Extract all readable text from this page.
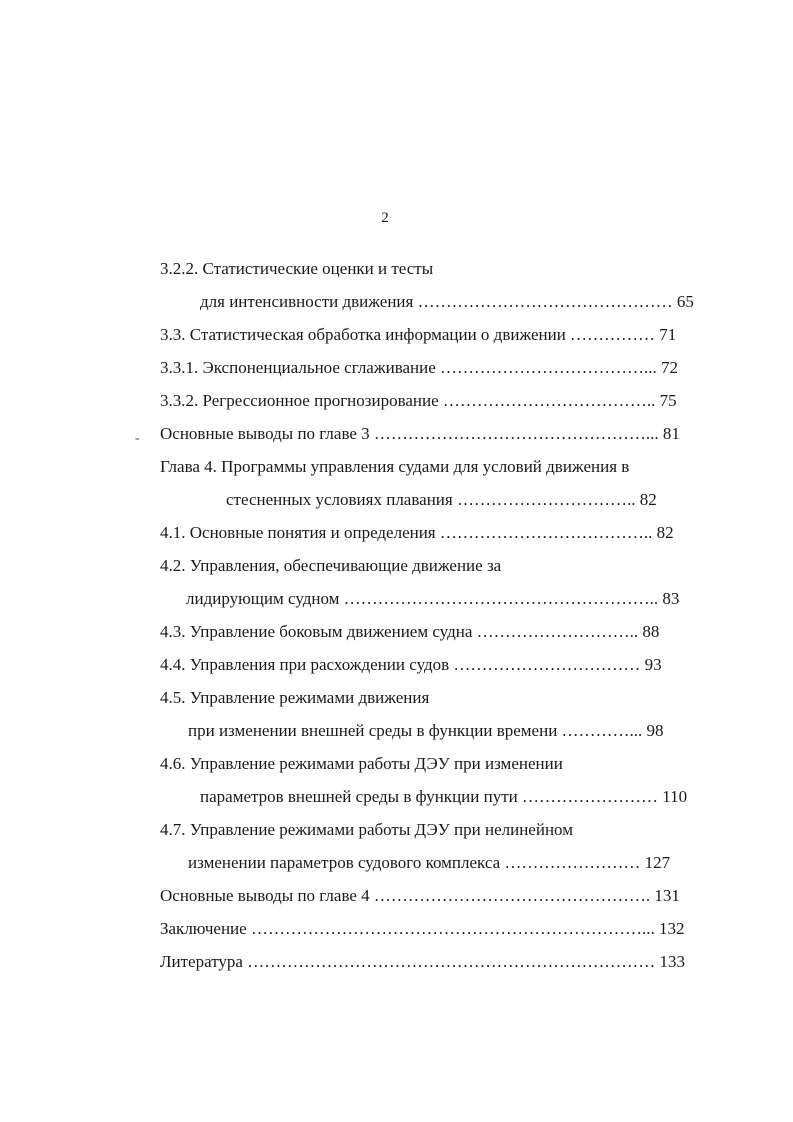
2
-
3.2.2. Статистические оценки и тесты
для интенсивности движения ……………………………………… 65
3.3. Статистическая обработка информации о движении …………… 71
3.3.1. Экспоненциальное сглаживание ………………………………... 72
3.3.2. Регрессионное прогнозирование ……………………………….. 75
Основные выводы по главе 3 …………………………………………... 81
Глава 4. Программы управления судами для условий движения в
стесненных условиях плавания ………………………….. 82
4.1. Основные понятия и определения ……………………………….. 82
4.2. Управления, обеспечивающие движение за
лидирующим судном ……………………………………………….. 83
4.3. Управление боковым движением судна ……………………….. 88
4.4. Управления при расхождении судов …………………………… 93
4.5. Управление режимами движения
при изменении внешней среды в функции времени …………... 98
4.6. Управление режимами работы ДЭУ при изменении
параметров внешней среды в функции пути …………………… 110
4.7. Управление режимами работы ДЭУ при нелинейном
изменении параметров судового комплекса …………………… 127
Основные выводы по главе 4 …………………………………………. 131
Заключение ……………………………………………………………... 132
Литература ……………………………………………………………… 133
